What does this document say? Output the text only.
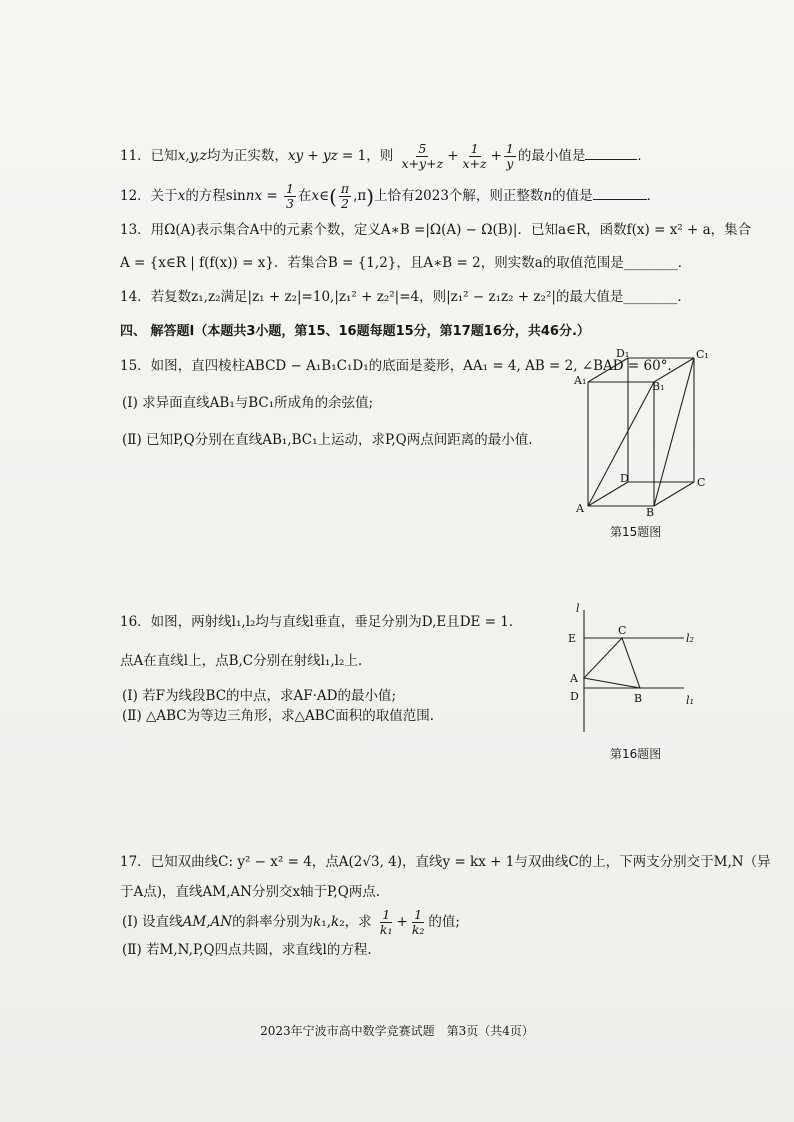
11．已知x,y,z均为正实数，xy + yz = 1，则 $\frac{5}{x+y+z} + \frac{1}{x+z} + \frac{1}{y}$ 的最小值是	．
12．关于x的方程sinnx = $\frac{1}{3}$ 在x∈( $\frac{\pi}{2} ,\pi$)上恰有2023个解，则正整数n的值是	．
13．用Ω(A)表示集合A中的元素个数，定义A∗B =|Ω(A) − Ω(B)|．已知a∈R，函数f(x) = x² + a，集合
A = {x∈R | f(f(x)) = x}．若集合B = {1,2}，且A∗B = 2，则实数a的取值范围是________．
14．若复数z₁,z₂满足|z₁ + z₂|=10,|z₁² + z₂²|=4，则|z₁² − z₁z₂ + z₂²|的最大值是________．
四、 解答题Ⅰ（本题共3小题，第15、16题每题15分，第17题16分，共46分.）
15．如图，直四棱柱ABCD − A₁B₁C₁D₁的底面是菱形，AA₁ = 4, AB = 2, ∠BAD = 60°．
(Ⅰ) 求异面直线AB₁与BC₁所成角的余弦值;
(Ⅱ) 已知P,Q分别在直线AB₁,BC₁上运动，求P,Q两点间距离的最小值.
D₁	C₁
A₁	B₁
D	C
A	B
第15题图
16．如图，两射线l₁,l₂均与直线l垂直，垂足分别为D,E且DE = 1．
点A在直线l上，点B,C分别在射线l₁,l₂上.
(Ⅰ) 若F为线段BC的中点，求AF·AD的最小值;
(Ⅱ) △ABC为等边三角形，求△ABC面积的取值范围.
l
E
C
l₂
A
D	B	l₁
第16题图
17．已知双曲线C: y² − x² = 4，点A(2√3, 4)，直线y = kx + 1与双曲线C的上，下两支分别交于M,N（异
于A点)，直线AM,AN分别交x轴于P,Q两点.
(Ⅰ) 设直线AM,AN的斜率分别为k₁,k₂，求 $\frac{1}{\text{k₁}} + \frac{1}{\text{k₂}}$ 的值;
(Ⅱ) 若M,N,P,Q四点共圆，求直线l的方程.
2023年宁波市高中数学竞赛试题　第3页（共4页）
